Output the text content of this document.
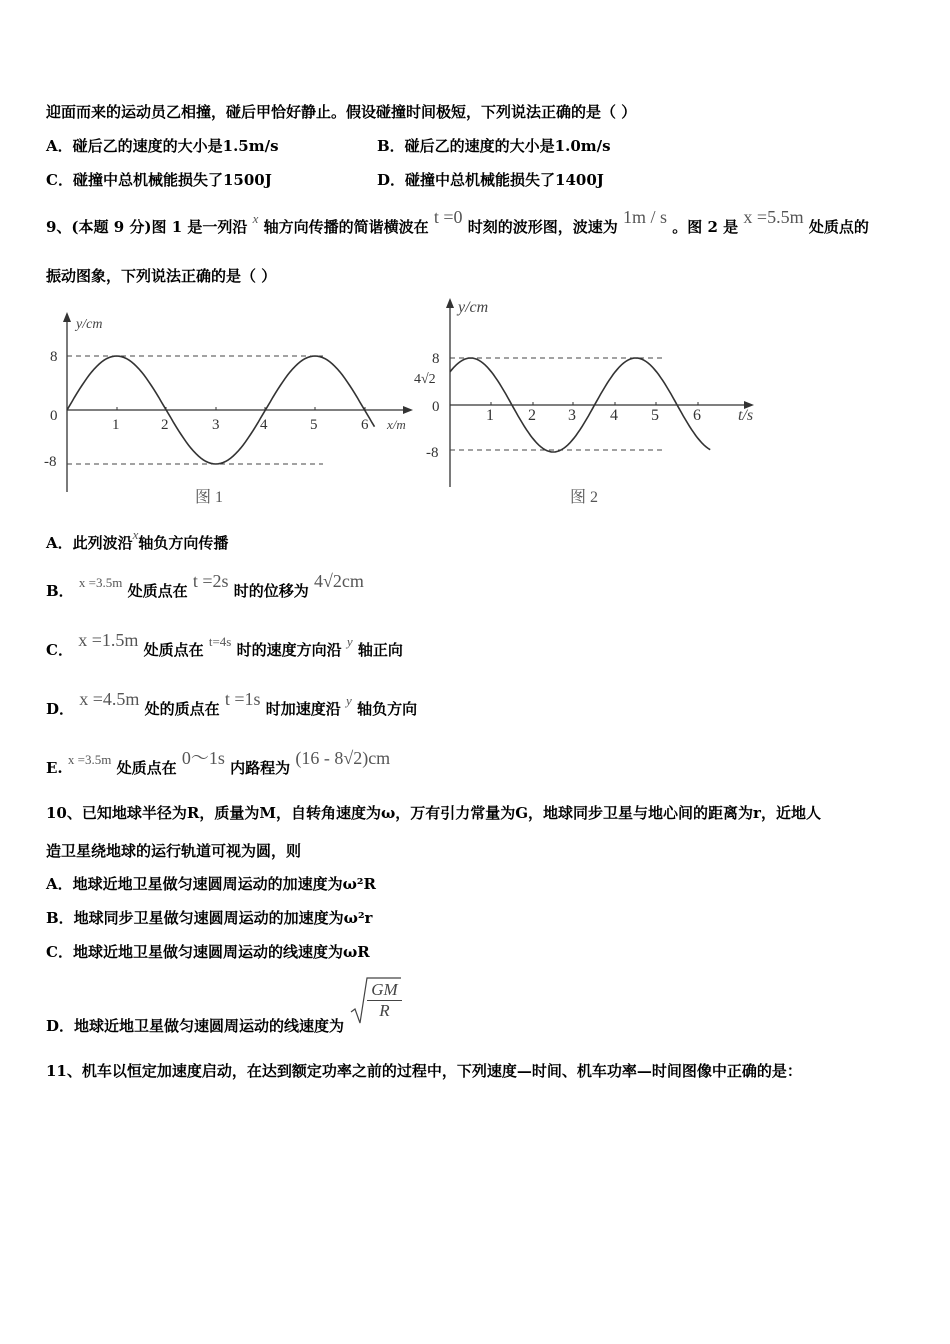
迎面而来的运动员乙相撞，碰后甲恰好静止。假设碰撞时间极短，下列说法正确的是（ ）
A．碰后乙的速度的大小是1.5m/s	B．碰后乙的速度的大小是1.0m/s
C．碰撞中总机械能损失了1500J	D．碰撞中总机械能损失了1400J
9、(本题 9 分)图 1 是一列沿 x 轴方向传播的简谐横波在 t =0 时刻的波形图，波速为 1m / s 。图 2 是 x =5.5m 处质点的
振动图象，下列说法正确的是（ ）
y/cm
x/m
8
0
-8
1	2	3	4	5	6
图 1
y/cm
t/s
8
4√2
0
-8
1 2 3 4 5 6
图 2
A．此列波沿x轴负方向传播
B． x =3.5m 处质点在 t =2s 时的位移为 4√2cm
C． x =1.5m 处质点在 t=4s 时的速度方向沿 y 轴正向
D． x =4.5m 处的质点在 t =1s 时加速度沿 y 轴负方向
E. x =3.5m 处质点在 0～1s 内路程为 (16 - 8√2)cm
10、已知地球半径为R，质量为M，自转角速度为ω，万有引力常量为G，地球同步卫星与地心间的距离为r，近地人
造卫星绕地球的运行轨道可视为圆，则
A．地球近地卫星做匀速圆周运动的加速度为ω²R
B．地球同步卫星做匀速圆周运动的加速度为ω²r
C．地球近地卫星做匀速圆周运动的线速度为ωR
D．地球近地卫星做匀速圆周运动的线速度为
$\frac{GM}{R}$
11、机车以恒定加速度启动，在达到额定功率之前的过程中，下列速度—时间、机车功率—时间图像中正确的是：
